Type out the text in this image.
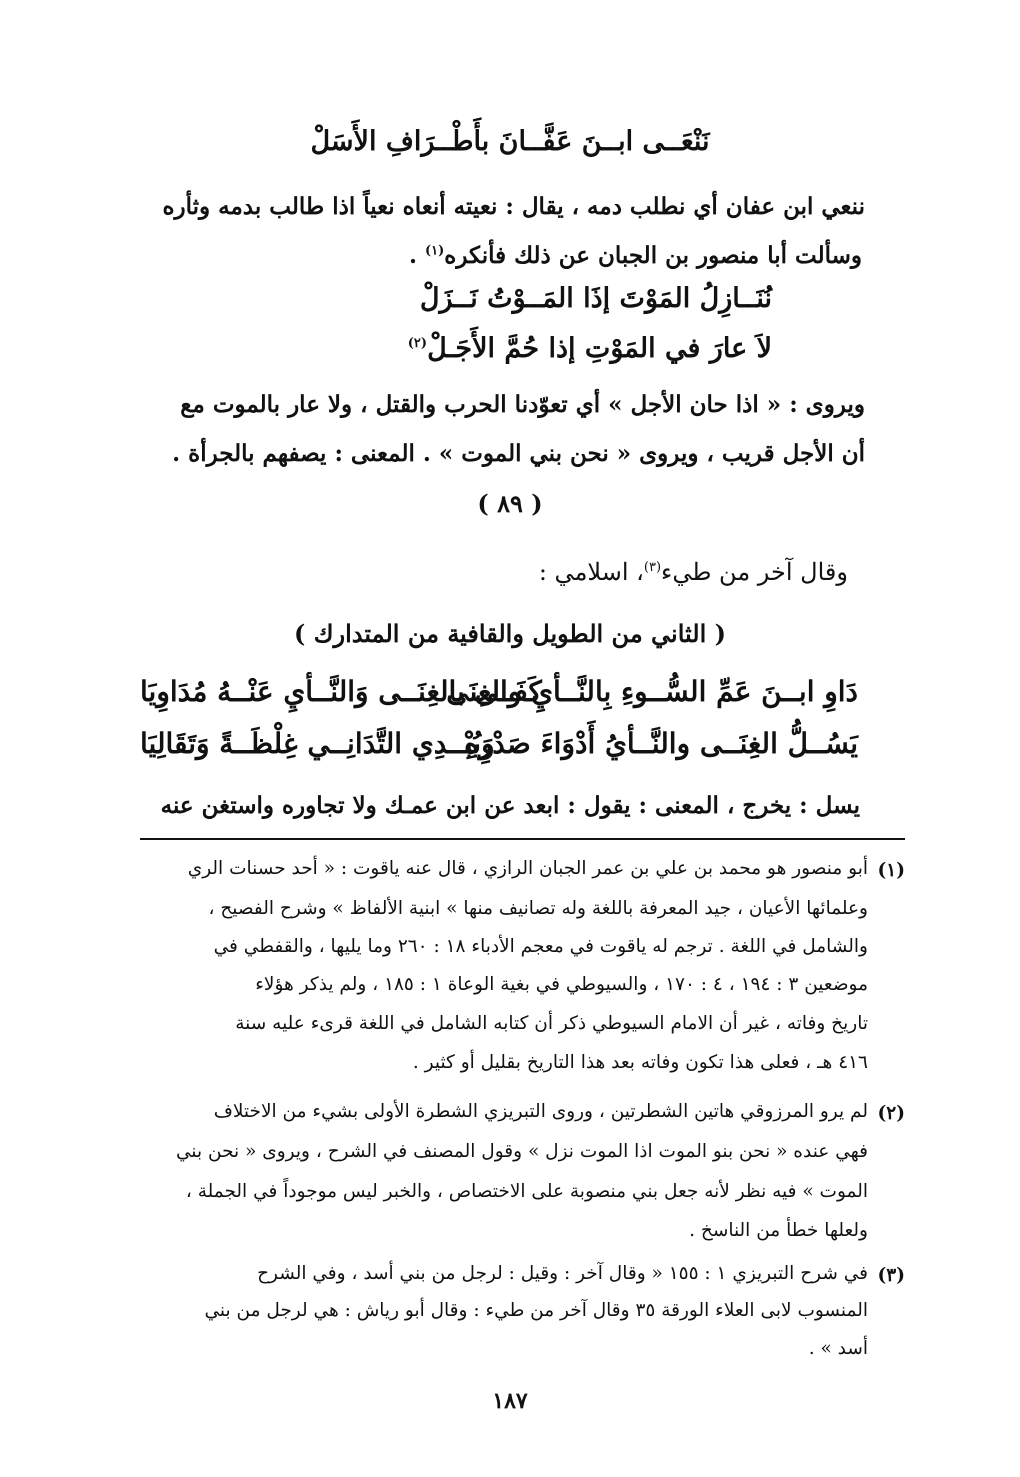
نَنْعَــى ابــنَ عَفَّــانَ بأَطْــرَافِ الأَسَلْ
ننعي ابن عفان أي نطلب دمه ، يقال : نعيته أنعاه نعياً اذا طالب بدمه وثأره
وسألت أبا منصور بن الجبان عن ذلك فأنكره$^{(١)}$ .
نُنَــازِلُ المَوْتَ إذَا المَــوْتُ نَــزَلْ
لاَ عارَ في المَوْتِ إذا حُمَّ الأَجَـلْ$^{(٢)}$
ويروى : « اذا حان الأجل » أي تعوّدنا الحرب والقتل ، ولا عار بالموت مع
أن الأجل قريب ، ويروى « نحن بني الموت » . المعنى : يصفهم بالجرأة .
( ٨٩ )
وقال آخر من طيء$^{(٣)}$، اسلامي :
( الثاني من الطويل والقافية من المتدارك )
دَاوِ ابــنَ عَمِّ السُّــوءِ بِالنَّــأيِ والغِنَى
كَفَــى بالغِنَــى وَالنَّــأيِ عَنْــهُ مُدَاوِيَا
يَسُــلُّ الغِنَــى والنَّــأيُ أَدْوَاءَ صَدْرِهِ
وَيُبْــدِي التَّدَانِــي غِلْظَــةً وَتَقَالِيَا
يسل : يخرج ، المعنى : يقول : ابعد عن ابن عمـك ولا تجاوره واستغن عنه
(١)
أبو منصور هو محمد بن علي بن عمر الجبان الرازي ، قال عنه ياقوت : « أحد حسنات الري
وعلمائها الأعيان ، جيد المعرفة باللغة وله تصانيف منها » ابنية الألفاظ » وشرح الفصيح ،
والشامل في اللغة . ترجم له ياقوت في معجم الأدباء ١٨ : ٢٦٠ وما يليها ، والقفطي في
موضعين ٣ : ١٩٤ ، ٤ : ١٧٠ ، والسيوطي في بغية الوعاة ١ : ١٨٥ ، ولم يذكر هؤلاء
تاريخ وفاته ، غير أن الامام السيوطي ذكر أن كتابه الشامل في اللغة قرىء عليه سنة
٤١٦ هـ ، فعلى هذا تكون وفاته بعد هذا التاريخ بقليل أو كثير .
(٢)
لم يرو المرزوقي هاتين الشطرتين ، وروى التبريزي الشطرة الأولى بشيء من الاختلاف
فهي عنده « نحن بنو الموت اذا الموت نزل » وقول المصنف في الشرح ، ويروى « نحن بني
الموت » فيه نظر لأنه جعل بني منصوبة على الاختصاص ، والخبر ليس موجوداً في الجملة ،
ولعلها خطأ من الناسخ .
(٣)
في شرح التبريزي ١ : ١٥٥ « وقال آخر : وقيل : لرجل من بني أسد ، وفي الشرح
المنسوب لابى العلاء الورقة ٣٥ وقال آخر من طيء : وقال أبو رياش : هي لرجل من بني
أسد » .
١٨٧
